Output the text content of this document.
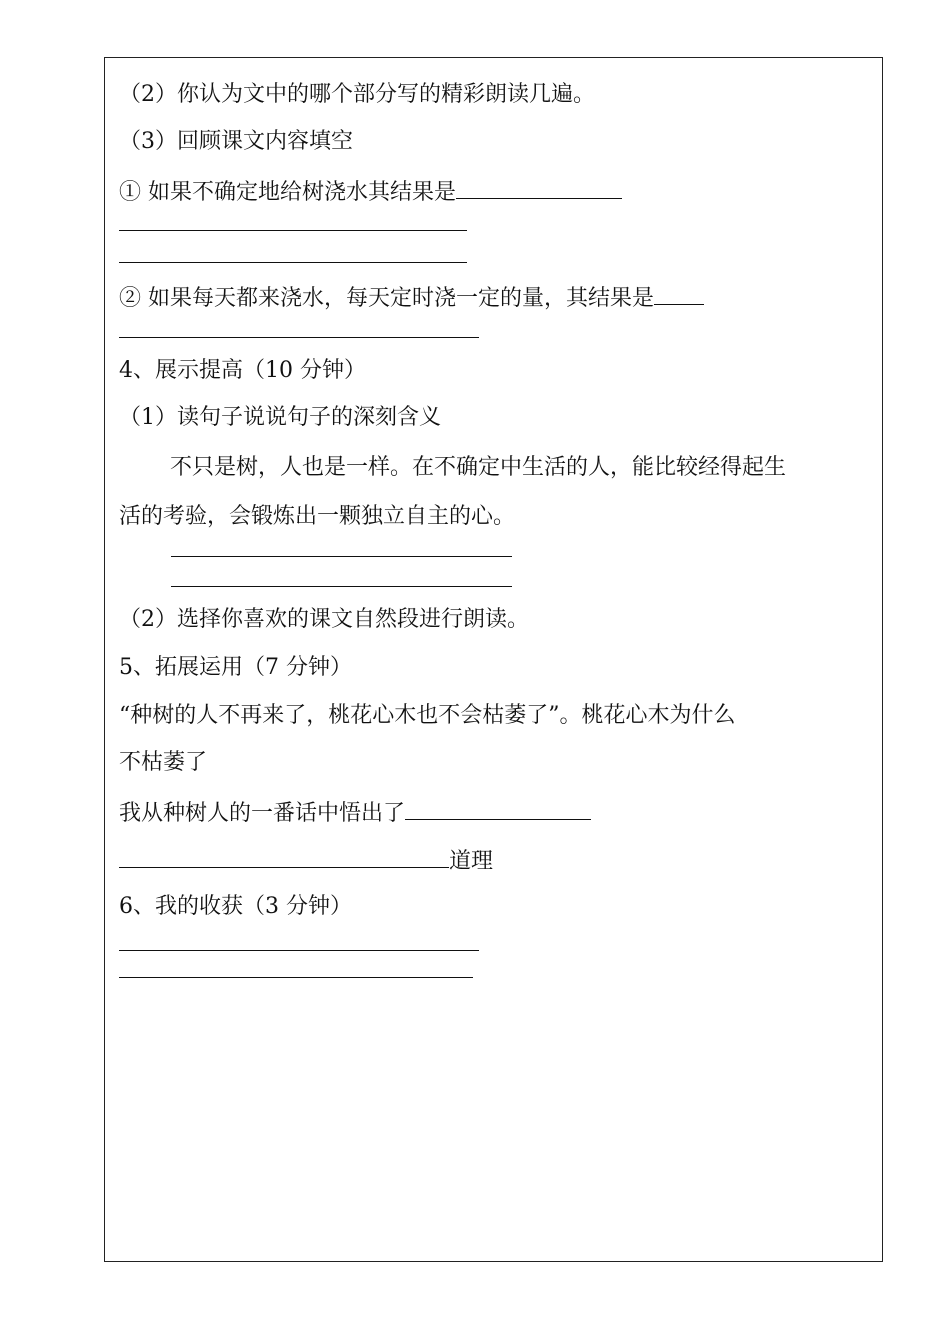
（2）你认为文中的哪个部分写的精彩朗读几遍。
（3）回顾课文内容填空
① 如果不确定地给树浇水其结果是
② 如果每天都来浇水，每天定时浇一定的量，其结果是
4、展示提高（10 分钟）
（1）读句子说说句子的深刻含义
不只是树，人也是一样。在不确定中生活的人，能比较经得起生
活的考验，会锻炼出一颗独立自主的心。
（2）选择你喜欢的课文自然段进行朗读。
5、拓展运用（7 分钟）
“种树的人不再来了，桃花心木也不会枯萎了”。桃花心木为什么
不枯萎了
我从种树人的一番话中悟出了
道理
6、我的收获（3 分钟）
